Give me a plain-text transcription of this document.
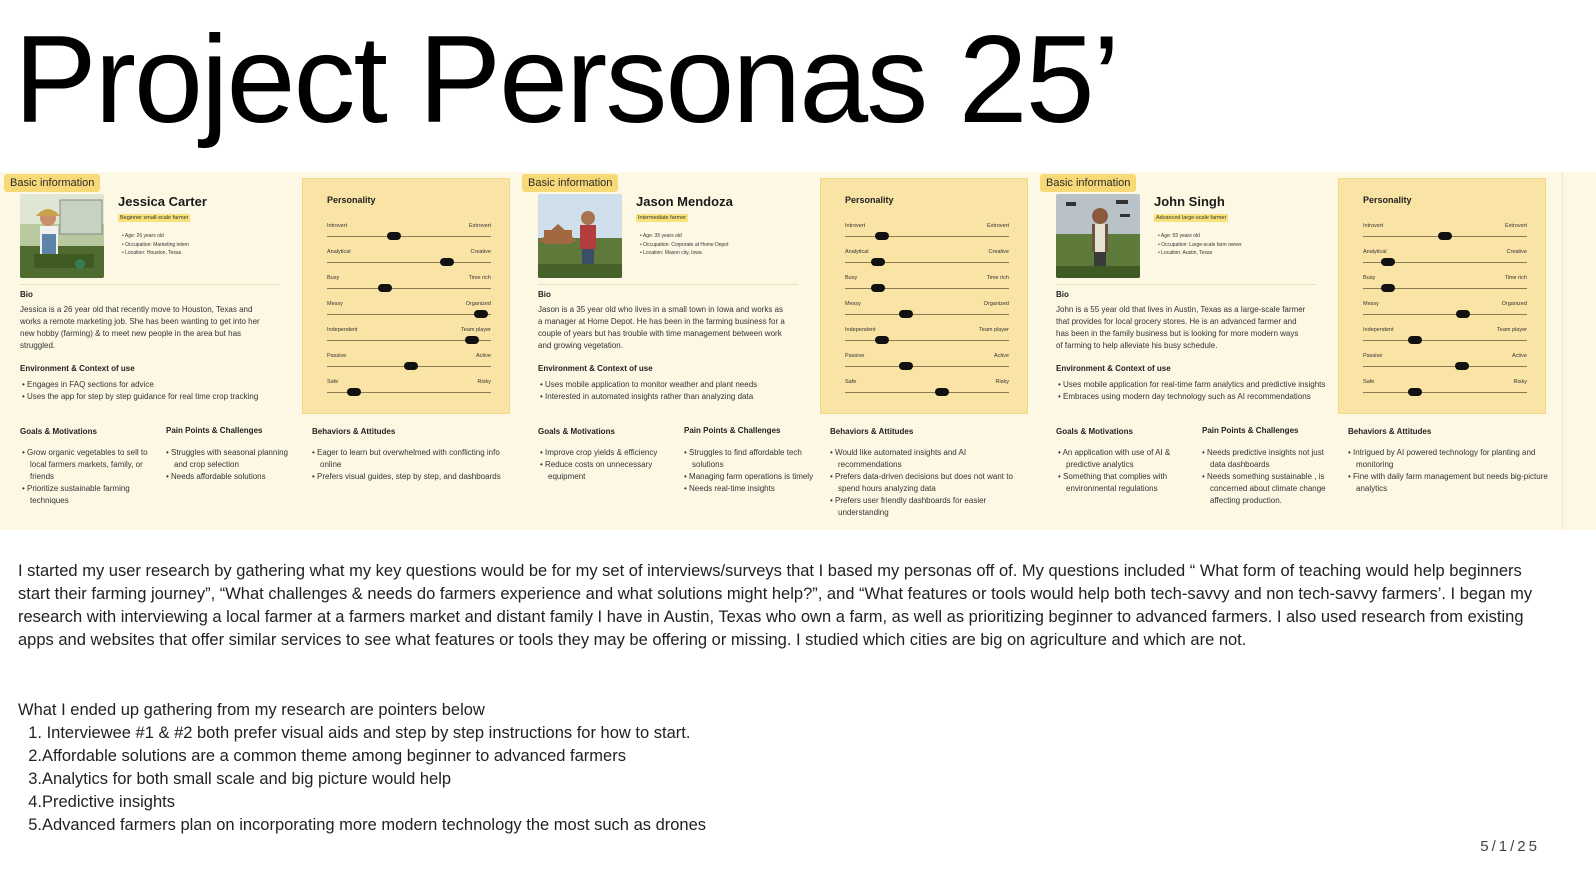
Project Personas 25’
Basic information
Jessica Carter
Beginner small-scale farmer
• Age: 26 years old
• Occupation: Marketing intern
• Location: Houston, Texas
Bio

Jessica is a 26 year old that recently move to Houston, Texas and works a remote marketing job. She has been wanting to get into her new hobby (farming) & to meet new people in the area but has struggled.

Environment & Context of use
• Engages in FAQ sections for advice
• Uses the app for step by step guidance for real time crop tracking
Goals & Motivations
• Grow organic vegetables to sell to local farmers markets, family, or friends
• Prioritize sustainable farming techniques
Pain Points & Challenges
• Struggles with seasonal planning and crop selection
• Needs affordable solutions
Behaviors & Attitudes
• Eager to learn but overwhelmed with conflicting info online
• Prefers visual guides, step by step, and dashboards
Personality
Introvert	Extrovert
Analytical	Creative
Busy	Time rich
Messy	Organized
Independent	Team player
Passive	Active
Safe	Risky
Basic information
Jason Mendoza
Intermediate farmer
• Age: 35 years old
• Occupation: Corporate at Home Depot
• Location: Mason city, Iowa
Bio

Jason is a 35 year old who lives in a small town in Iowa and works as a manager at Home Depot. He has been in the farming business for a couple of years but has trouble with time management between work and growing vegetation.

Environment & Context of use
• Uses mobile application to monitor weather and plant needs
• Interested in automated insights rather than analyzing data
Goals & Motivations
• Improve crop yields & efficiency
• Reduce costs on unnecessary equipment
Pain Points & Challenges
• Struggles to find affordable tech solutions
• Managing farm operations is timely
• Needs real-time insights
Behaviors & Attitudes
• Would like automated insights and AI recommendations
• Prefers data-driven decisions but does not want to spend hours analyzing data
• Prefers user friendly dashboards for easier understanding
Personality
Introvert	Extrovert
Analytical	Creative
Busy	Time rich
Messy	Organized
Independent	Team player
Passive	Active
Safe	Risky
Basic information
John Singh
Advanced large-scale farmer
• Age: 55 years old
• Occupation: Large-scale farm owner
• Location: Austin, Texas
Bio

John is a 55 year old that lives in Austin, Texas as a large-scale farmer that provides for local grocery stores. He is an advanced farmer and has been in the family business but is looking for more modern ways of farming to help alleviate his busy schedule.

Environment & Context of use
• Uses mobile application for real-time farm analytics and predictive insights
• Embraces using modern day technology such as AI recommendations
Goals & Motivations
• An application with use of AI & predictive analytics
• Something that complies with environmental regulations
Pain Points & Challenges
• Needs predictive insights not just data dashboards
• Needs something sustainable , is concerned about climate change affecting production.
Behaviors & Attitudes
• Intrigued by AI powered technology for planting and monitoring
• Fine with daily farm management but needs big-picture analytics
Personality
Introvert	Extrovert
Analytical	Creative
Busy	Time rich
Messy	Organized
Independent	Team player
Passive	Active
Safe	Risky

I started my user research by gathering what my key questions would be for my set of interviews/surveys that I based my personas off of. My questions included “ What form of teaching would help beginners start their farming journey”, “What challenges & needs do farmers experience and what solutions might help?”, and “What features or tools would help both tech-savvy and non tech-savvy farmers’. I began my research with interviewing a local farmer at a farmers market and distant family I have in Austin, Texas who own a farm, as well as prioritizing beginner to advanced farmers. I also used research from existing apps and websites that offer similar services to see what features or tools they may be offering or missing. I studied which cities are big on agriculture and which are not.

What I ended up gathering from my research are pointers below
1. Interviewee #1 & #2 both prefer visual aids and step by step instructions for how to start.
2.Affordable solutions are a common theme among beginner to advanced farmers
3.Analytics for both small scale and big picture would help
4.Predictive insights
5.Advanced farmers plan on incorporating more modern technology the most such as drones
5/1/25
